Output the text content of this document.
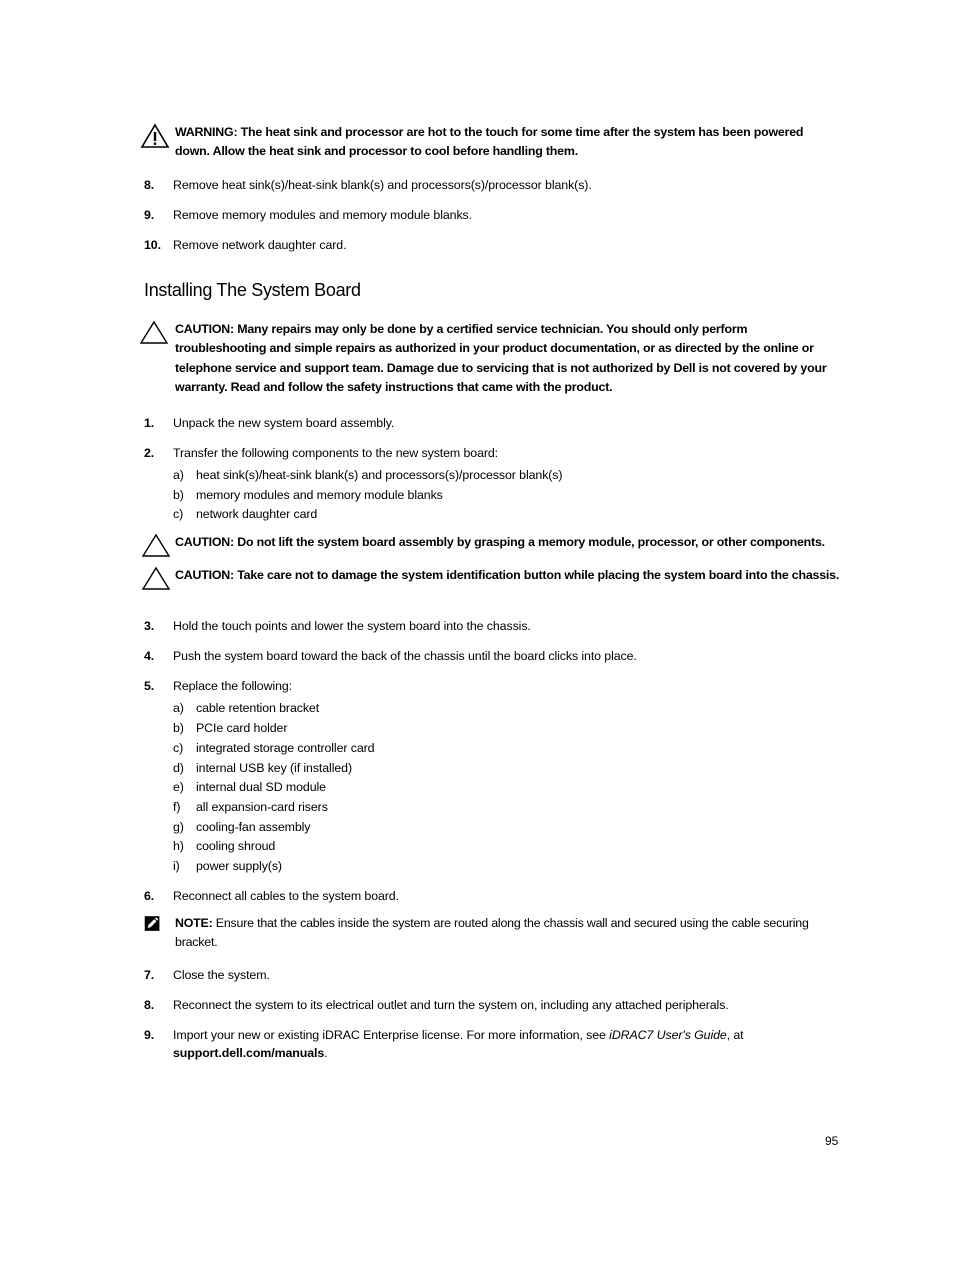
WARNING: The heat sink and processor are hot to the touch for some time after the system has been powered down. Allow the heat sink and processor to cool before handling them.
8. Remove heat sink(s)/heat-sink blank(s) and processors(s)/processor blank(s).
9. Remove memory modules and memory module blanks.
10. Remove network daughter card.
Installing The System Board
CAUTION: Many repairs may only be done by a certified service technician. You should only perform troubleshooting and simple repairs as authorized in your product documentation, or as directed by the online or telephone service and support team. Damage due to servicing that is not authorized by Dell is not covered by your warranty. Read and follow the safety instructions that came with the product.
1. Unpack the new system board assembly.
2. Transfer the following components to the new system board:
a) heat sink(s)/heat-sink blank(s) and processors(s)/processor blank(s)
b) memory modules and memory module blanks
c) network daughter card
CAUTION: Do not lift the system board assembly by grasping a memory module, processor, or other components.
CAUTION: Take care not to damage the system identification button while placing the system board into the chassis.
3. Hold the touch points and lower the system board into the chassis.
4. Push the system board toward the back of the chassis until the board clicks into place.
5. Replace the following:
a) cable retention bracket
b) PCIe card holder
c) integrated storage controller card
d) internal USB key (if installed)
e) internal dual SD module
f) all expansion-card risers
g) cooling-fan assembly
h) cooling shroud
i) power supply(s)
6. Reconnect all cables to the system board.
NOTE: Ensure that the cables inside the system are routed along the chassis wall and secured using the cable securing bracket.
7. Close the system.
8. Reconnect the system to its electrical outlet and turn the system on, including any attached peripherals.
9. Import your new or existing iDRAC Enterprise license. For more information, see iDRAC7 User's Guide, at
support.dell.com/manuals.
95
